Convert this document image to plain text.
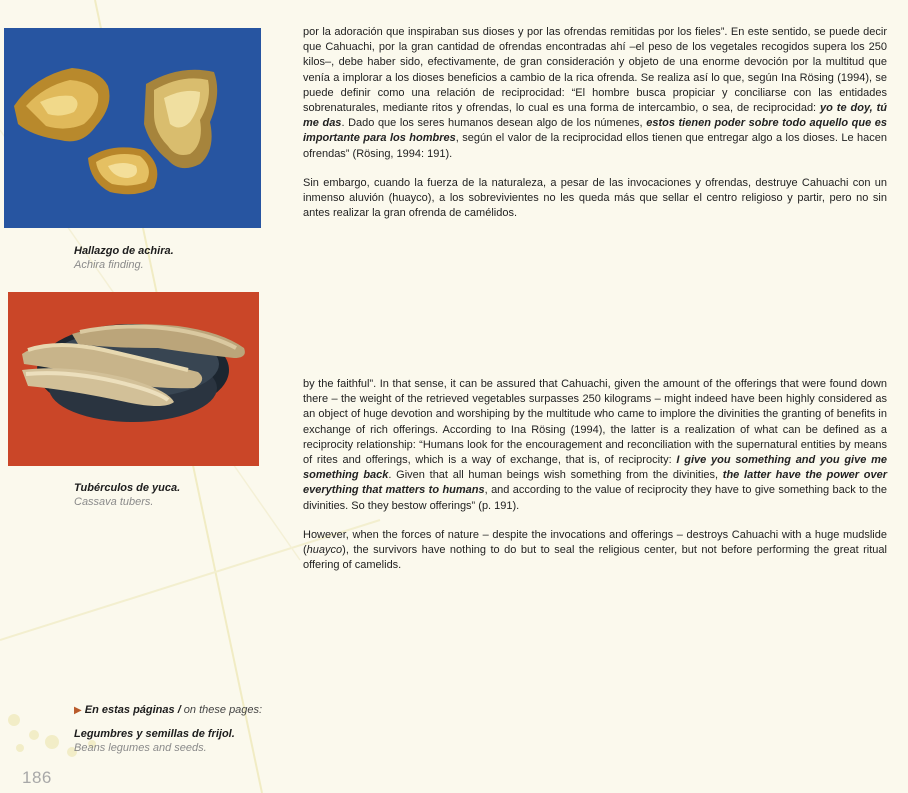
Hallazgo de achira.
Achira finding.
Tubérculos de yuca.
Cassava tubers.

por la adoración que inspiraban sus dioses y por las ofrendas remitidas por los fieles”. En este sentido, se puede decir que Cahuachi, por la gran cantidad de ofrendas encontradas ahí –el peso de los vegetales recogidos supera los 250 kilos–, debe haber sido, efectivamente, de gran consideración y objeto de una enorme devoción por la multitud que venía a implorar a los dioses beneficios a cambio de la rica ofrenda. Se realiza así lo que, según Ina Rösing (1994), se puede definir como una relación de reciprocidad: “El hombre busca propiciar y conciliarse con las entidades sobrenaturales, mediante ritos y ofrendas, lo cual es una forma de intercambio, o sea, de reciprocidad: yo te doy, tú me das. Dado que los seres humanos desean algo de los númenes, estos tienen poder sobre todo aquello que es importante para los hombres, según el valor de la reciprocidad ellos tienen que entregar algo a los dioses. Le hacen ofrendas” (Rösing, 1994: 191).

Sin embargo, cuando la fuerza de la naturaleza, a pesar de las invocaciones y ofrendas, destruye Cahuachi con un inmenso aluvión (huayco), a los sobrevivientes no les queda más que sellar el centro religioso y partir, pero no sin antes realizar la gran ofrenda de camélidos.

by the faithful”. In that sense, it can be assured that Cahuachi, given the amount of the offerings that were found down there – the weight of the retrieved vegetables surpasses 250 kilograms – might indeed have been highly considered as an object of huge devotion and worshiping by the multitude who came to implore the divinities the granting of benefits in exchange of rich offerings. According to Ina Rösing (1994), the latter is a realization of what can be defined as a reciprocity relationship: “Humans look for the encouragement and reconciliation with the supernatural entities by means of rites and offerings, which is a way of exchange, that is, of reciprocity: I give you something and you give me something back. Given that all human beings wish something from the divinities, the latter have the power over everything that matters to humans, and according to the value of reciprocity they have to give something back to the divinities. So they bestow offerings” (p. 191).

However, when the forces of nature – despite the invocations and offerings – destroys Cahuachi with a huge mudslide (huayco), the survivors have nothing to do but to seal the religious center, but not before performing the great ritual offering of camelids.

▶ En estas páginas / on these pages:
Legumbres y semillas de frijol.
Beans legumes and seeds.
186
